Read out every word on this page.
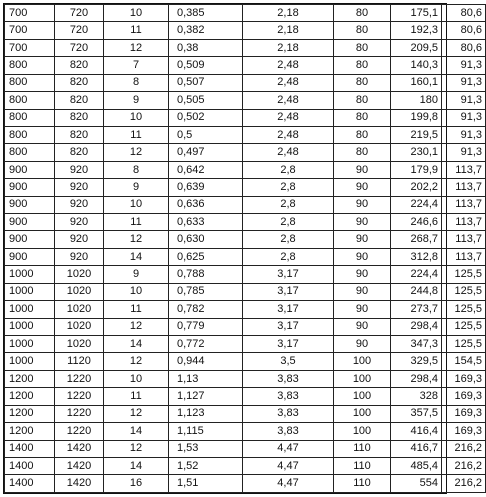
700	720	10	0,385	2,18	80	175,1	80,6	
700	720	11	0,382	2,18	80	192,3	80,6	
700	720	12	0,38	2,18	80	209,5	80,6	
800	820	7	0,509	2,48	80	140,3	91,3	
800	820	8	0,507	2,48	80	160,1	91,3	
800	820	9	0,505	2,48	80	180	91,3	
800	820	10	0,502	2,48	80	199,8	91,3	
800	820	11	0,5	2,48	80	219,5	91,3	
800	820	12	0,497	2,48	80	230,1	91,3	
900	920	8	0,642	2,8	90	179,9	113,7	
900	920	9	0,639	2,8	90	202,2	113,7	
900	920	10	0,636	2,8	90	224,4	113,7	
900	920	11	0,633	2,8	90	246,6	113,7	
900	920	12	0,630	2,8	90	268,7	113,7	
900	920	14	0,625	2,8	90	312,8	113,7	
1000	1020	9	0,788	3,17	90	224,4	125,5	
1000	1020	10	0,785	3,17	90	244,8	125,5	
1000	1020	11	0,782	3,17	90	273,7	125,5	
1000	1020	12	0,779	3,17	90	298,4	125,5	
1000	1020	14	0,772	3,17	90	347,3	125,5	
1000	1120	12	0,944	3,5	100	329,5	154,5	
1200	1220	10	1,13	3,83	100	298,4	169,3	
1200	1220	11	1,127	3,83	100	328	169,3	
1200	1220	12	1,123	3,83	100	357,5	169,3	
1200	1220	14	1,115	3,83	100	416,4	169,3	
1400	1420	12	1,53	4,47	110	416,7	216,2	
1400	1420	14	1,52	4,47	110	485,4	216,2	
1400	1420	16	1,51	4,47	110	554	216,2	
